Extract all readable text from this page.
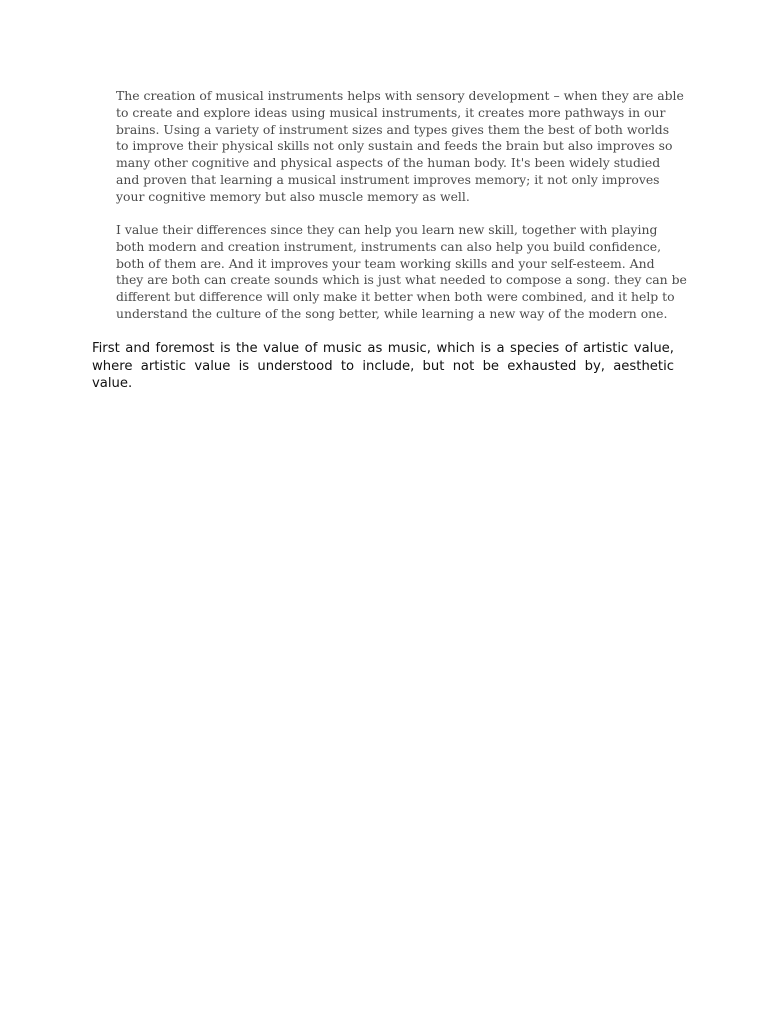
The creation of musical instruments helps with sensory development – when they are able

to create and explore ideas using musical instruments, it creates more pathways in our

brains. Using a variety of instrument sizes and types gives them the best of both worlds

to improve their physical skills not only sustain and feeds the brain but also improves so

many other cognitive and physical aspects of the human body. It's been widely studied

and proven that learning a musical instrument improves memory; it not only improves

your cognitive memory but also muscle memory as well.

I value their differences since they can help you learn new skill, together with playing

both modern and creation instrument, instruments can also help you build confidence,

both of them are. And it improves your team working skills and your self-esteem. And

they are both can create sounds which is just what needed to compose a song. they can be

different but difference will only make it better when both were combined, and it help to

understand the culture of the song better, while learning a new way of the modern one.

First and foremost is the value of music as music, which is a species of artistic value,

where artistic value is understood to include, but not be exhausted by, aesthetic

value.
